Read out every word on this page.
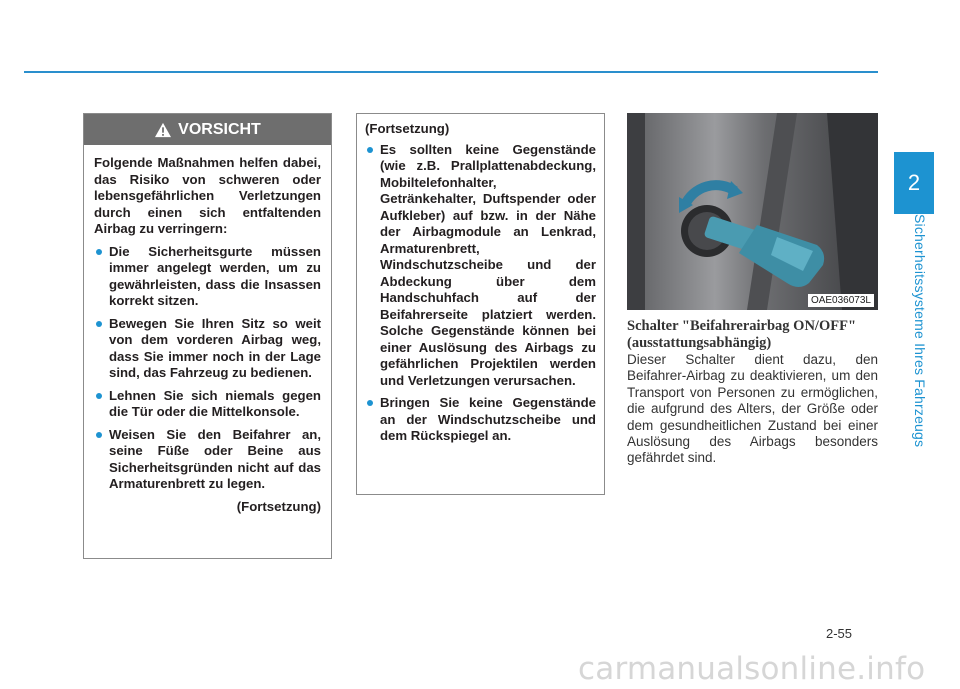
2
Sicherheitssysteme Ihres Fahrzeugs
VORSICHT

Folgende Maßnahmen helfen dabei, das Risiko von schweren oder lebensgefährlichen Verletzungen durch einen sich entfaltenden Airbag zu verringern:

Die Sicherheitsgurte müssen immer angelegt werden, um zu gewährleisten, dass die Insassen korrekt sitzen.
Bewegen Sie Ihren Sitz so weit von dem vorderen Airbag weg, dass Sie immer noch in der Lage sind, das Fahrzeug zu bedienen.
Lehnen Sie sich niemals gegen die Tür oder die Mittelkonsole.
Weisen Sie den Beifahrer an, seine Füße oder Beine aus Sicherheitsgründen nicht auf das Armaturenbrett zu legen.

(Fortsetzung)

(Fortsetzung)

Es sollten keine Gegenstände (wie z.B. Prallplattenabdeckung, Mobiltelefonhalter, Getränkehalter, Duftspender oder Aufkleber) auf bzw. in der Nähe der Airbagmodule an Lenkrad, Armaturenbrett, Windschutzscheibe und der Abdeckung über dem Handschuhfach auf der Beifahrerseite platziert werden. Solche Gegenstände können bei einer Auslösung des Airbags zu gefährlichen Projektilen werden und Verletzungen verursachen.
Bringen Sie keine Gegenstände an der Windschutzscheibe und dem Rückspiegel an.
OAE036073L
Schalter "Beifahrerairbag ON/OFF" (ausstattungsabhängig)
Dieser Schalter dient dazu, den Beifahrer-Airbag zu deaktivieren, um den Transport von Personen zu ermöglichen, die aufgrund des Alters, der Größe oder dem gesundheitlichen Zustand bei einer Auslösung des Airbags besonders gefährdet sind.
2-55
carmanualsonline.info
